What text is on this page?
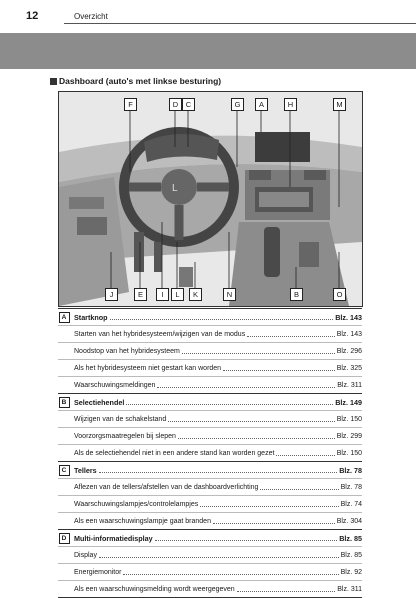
12	Overzicht
Dashboard (auto's met linkse besturing)
L
F	D	C	G	A	H	M
J	E	I	L	K	N	B	O
A	Startknop	Blz. 143
Starten van het hybridesysteem/wijzigen van de modus	Blz. 143
Noodstop van het hybridesysteem	Blz. 296
Als het hybridesysteem niet gestart kan worden	Blz. 325
Waarschuwingsmeldingen	Blz. 311
B	Selectiehendel	Blz. 149
Wijzigen van de schakelstand	Blz. 150
Voorzorgsmaatregelen bij slepen	Blz. 299
Als de selectiehendel niet in een andere stand kan worden gezet	Blz. 150
C	Tellers	Blz. 78
Aflezen van de tellers/afstellen van de dashboardverlichting	Blz. 78
Waarschuwingslampjes/controlelampjes	Blz. 74
Als een waarschuwingslampje gaat branden	Blz. 304
D	Multi-informatiedisplay	Blz. 85
Display	Blz. 85
Energiemonitor	Blz. 92
Als een waarschuwingsmelding wordt weergegeven	Blz. 311
